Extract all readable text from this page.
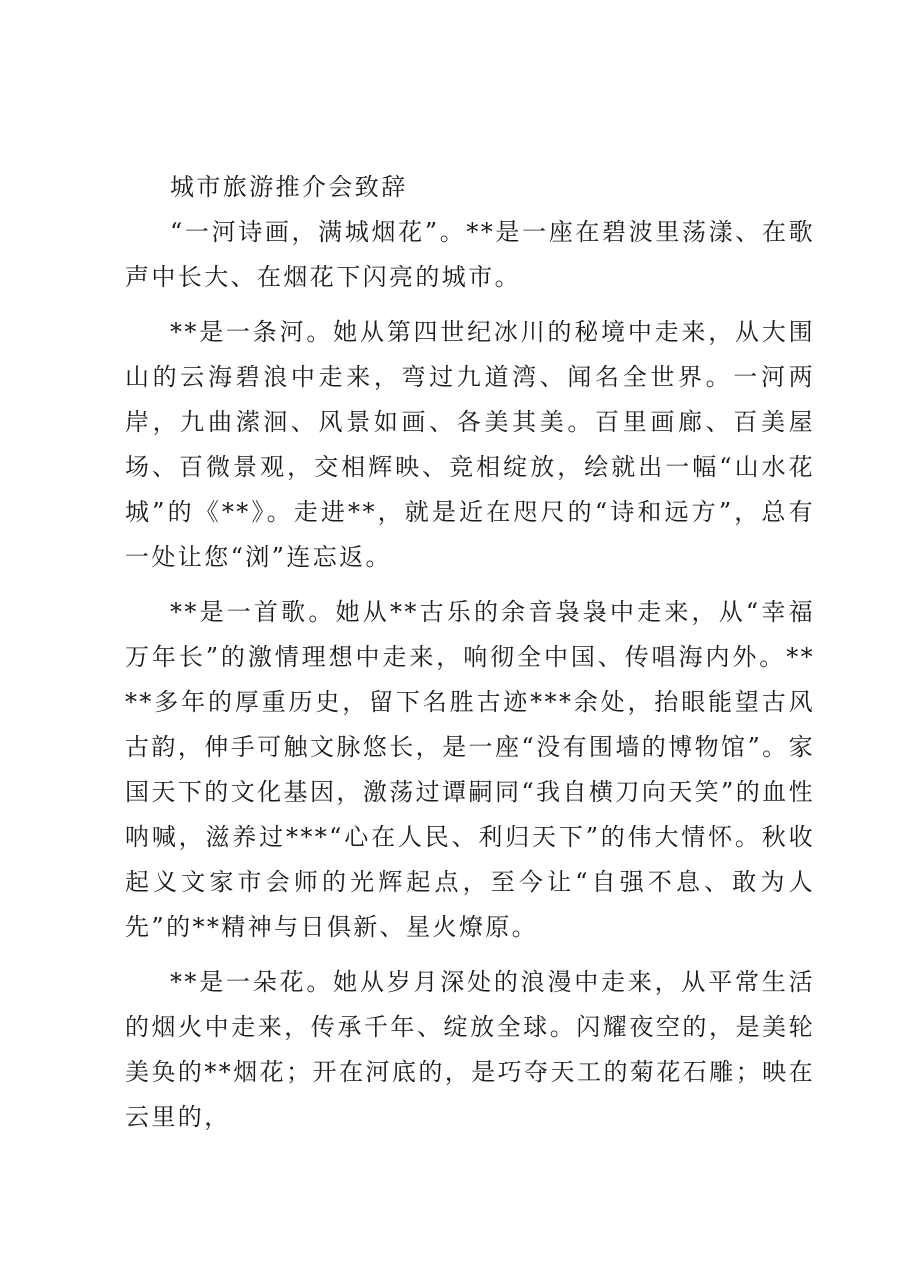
城市旅游推介会致辞

“一河诗画，满城烟花”。**是一座在碧波里荡漾、在歌声中长大、在烟花下闪亮的城市。

**是一条河。她从第四世纪冰川的秘境中走来，从大围山的云海碧浪中走来，弯过九道湾、闻名全世界。一河两岸，九曲潆洄、风景如画、各美其美。百里画廊、百美屋场、百微景观，交相辉映、竞相绽放，绘就出一幅“山水花城”的《**》。走进**，就是近在咫尺的“诗和远方”，总有一处让您“浏”连忘返。

**是一首歌。她从**古乐的余音袅袅中走来，从“幸福万年长”的激情理想中走来，响彻全中国、传唱海内外。****多年的厚重历史，留下名胜古迹***余处，抬眼能望古风古韵，伸手可触文脉悠长，是一座“没有围墙的博物馆”。家国天下的文化基因，激荡过谭嗣同“我自横刀向天笑”的血性呐喊，滋养过***“心在人民、利归天下”的伟大情怀。秋收起义文家市会师的光辉起点，至今让“自强不息、敢为人先”的**精神与日俱新、星火燎原。

**是一朵花。她从岁月深处的浪漫中走来，从平常生活的烟火中走来，传承千年、绽放全球。闪耀夜空的，是美轮美奂的**烟花；开在河底的，是巧夺天工的菊花石雕；映在云里的，
